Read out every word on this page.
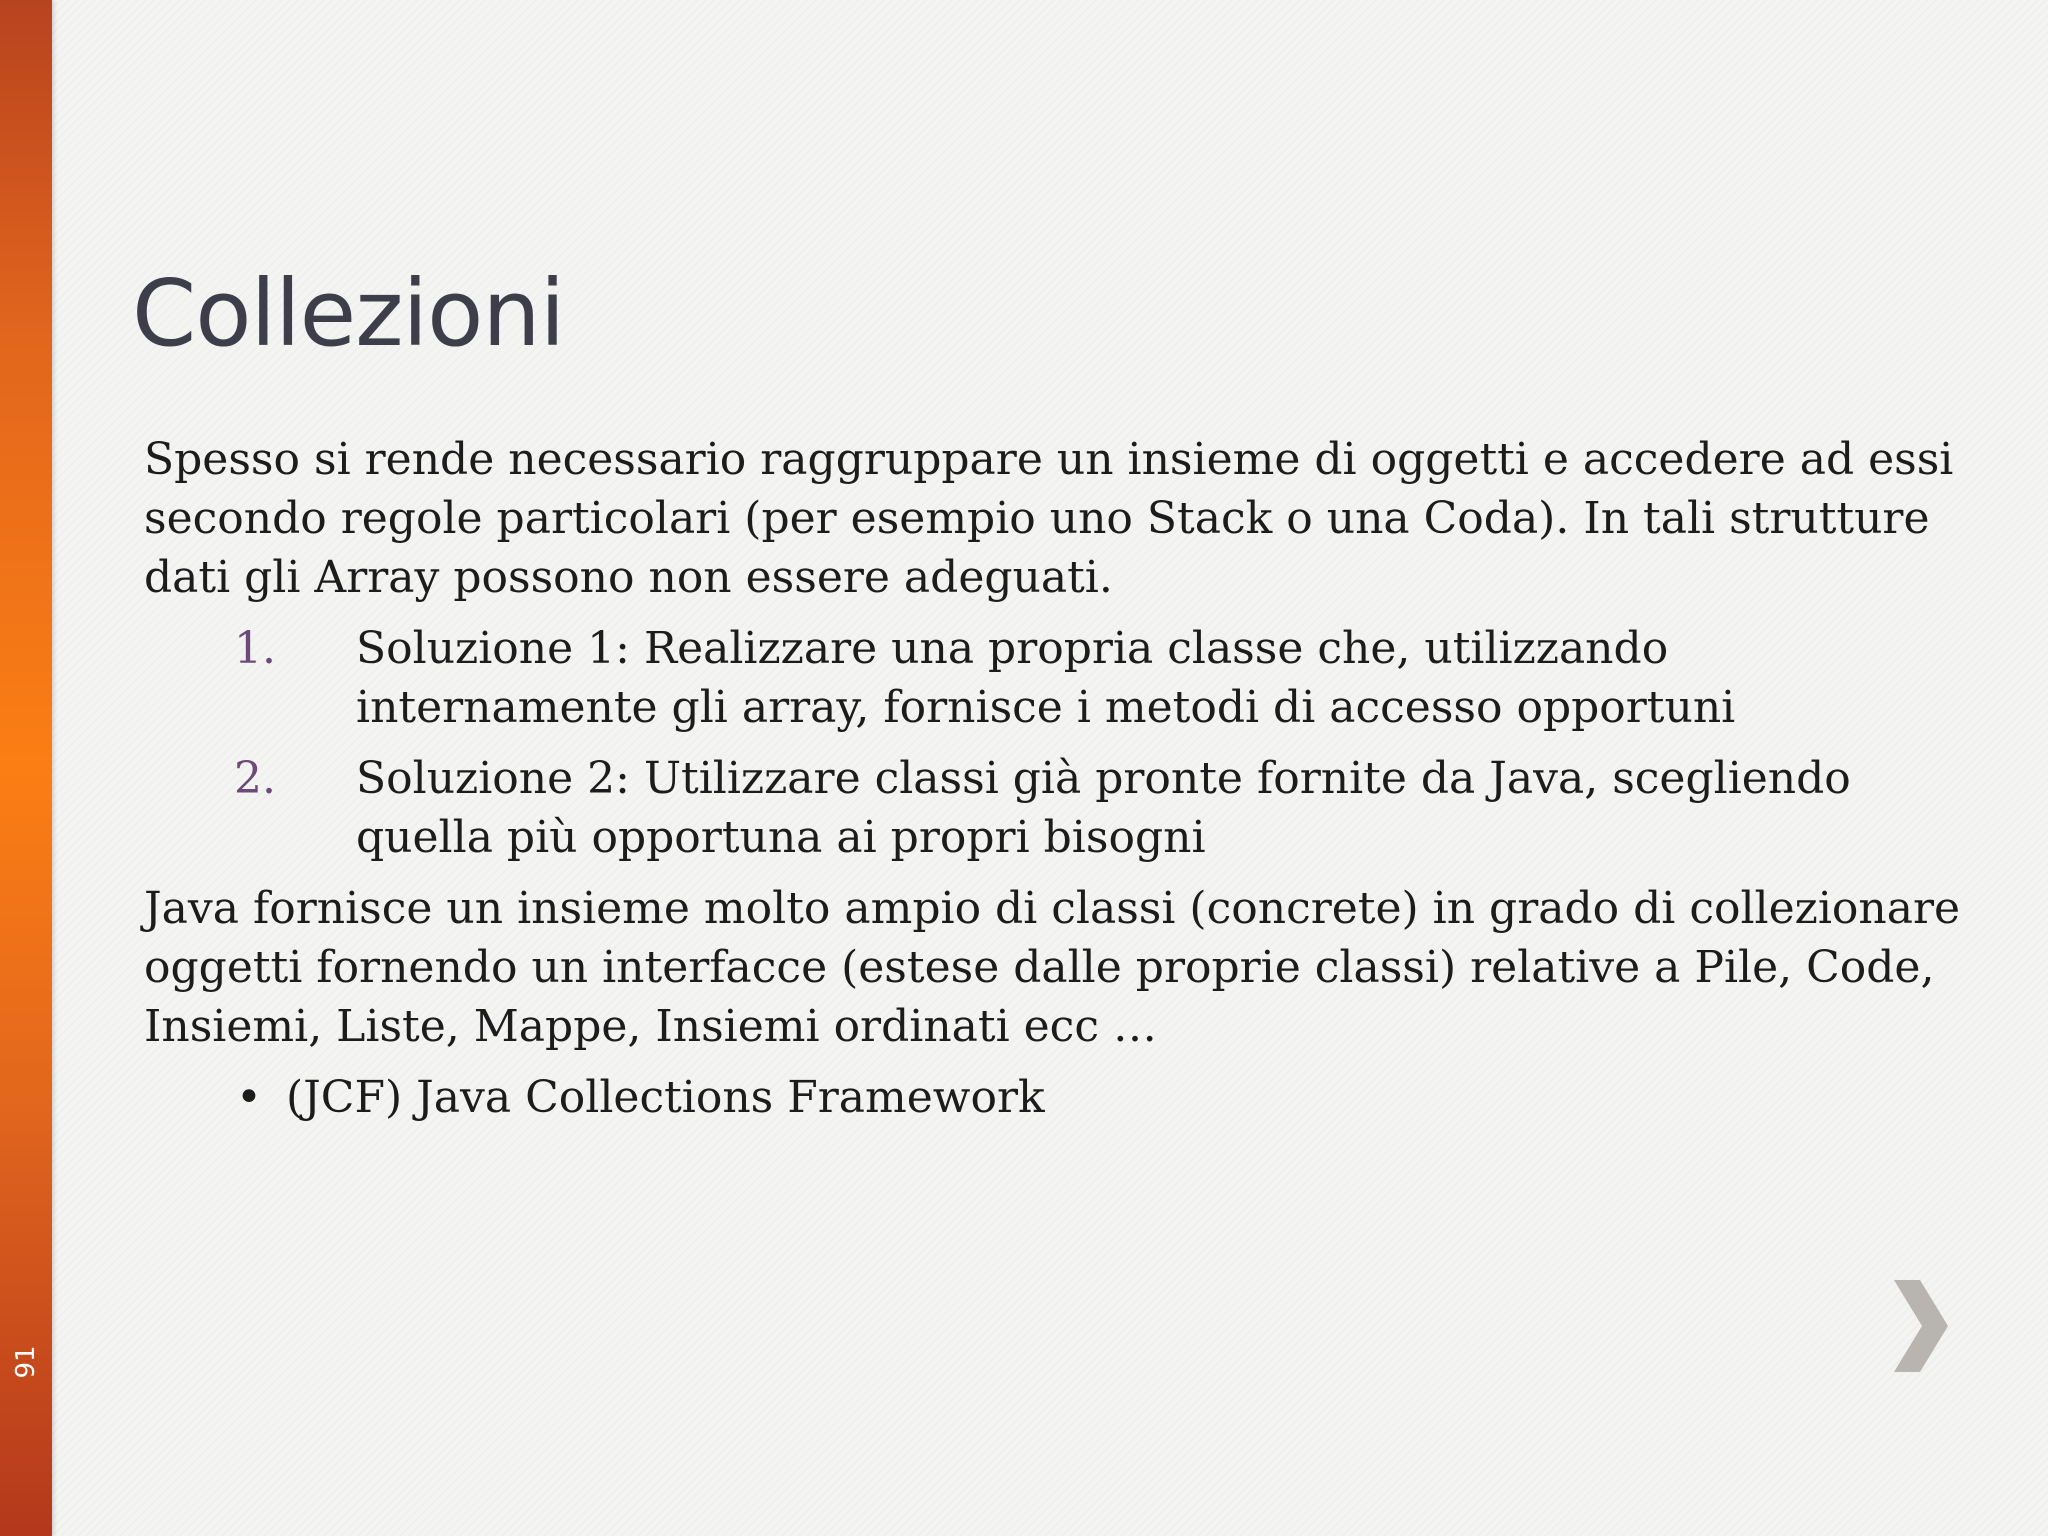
91
Collezioni

Spesso si rende necessario raggruppare un insieme di oggetti e accedere ad essi secondo regole particolari (per esempio uno Stack o una Coda). In tali strutture dati gli Array possono non essere adeguati.

1. Soluzione 1: Realizzare una propria classe che, utilizzando internamente gli array, fornisce i metodi di accesso opportuni
2. Soluzione 2: Utilizzare classi già pronte fornite da Java, scegliendo quella più opportuna ai propri bisogni

Java fornisce un insieme molto ampio di classi (concrete) in grado di collezionare oggetti fornendo un interfacce (estese dalle proprie classi) relative a Pile, Code, Insiemi, Liste, Mappe, Insiemi ordinati ecc …

• (JCF) Java Collections Framework
